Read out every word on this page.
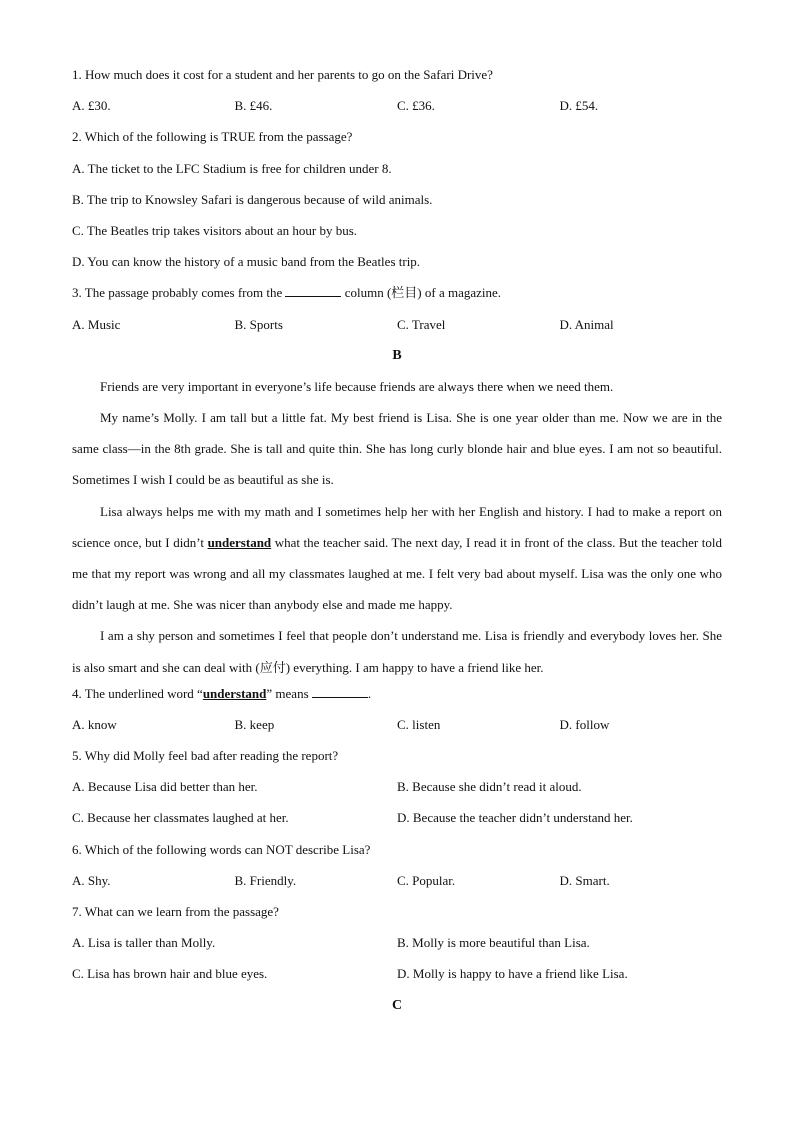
1. How much does it cost for a student and her parents to go on the Safari Drive?
A. £30.	B. £46.	C. £36.	D. £54.
2. Which of the following is TRUE from the passage?
A. The ticket to the LFC Stadium is free for children under 8.
B. The trip to Knowsley Safari is dangerous because of wild animals.
C. The Beatles trip takes visitors about an hour by bus.
D. You can know the history of a music band from the Beatles trip.
3. The passage probably comes from the	column (栏目) of a magazine.
A. Music	B. Sports	C. Travel	D. Animal
B

Friends are very important in everyone’s life because friends are always there when we need them.

My name’s Molly. I am tall but a little fat. My best friend is Lisa. She is one year older than me. Now we are in the same class—in the 8th grade. She is tall and quite thin. She has long curly blonde hair and blue eyes. I am not so beautiful. Sometimes I wish I could be as beautiful as she is.

Lisa always helps me with my math and I sometimes help her with her English and history. I had to make a report on science once, but I didn’t understand what the teacher said. The next day, I read it in front of the class. But the teacher told me that my report was wrong and all my classmates laughed at me. I felt very bad about myself. Lisa was the only one who didn’t laugh at me. She was nicer than anybody else and made me happy.

I am a shy person and sometimes I feel that people don’t understand me. Lisa is friendly and everybody loves her. She is also smart and she can deal with (应付) everything. I am happy to have a friend like her.

4. The underlined word “understand” means	.
A. know	B. keep	C. listen	D. follow
5. Why did Molly feel bad after reading the report?
A. Because Lisa did better than her.	B. Because she didn’t read it aloud.
C. Because her classmates laughed at her.	D. Because the teacher didn’t understand her.
6. Which of the following words can NOT describe Lisa?
A. Shy.	B. Friendly.	C. Popular.	D. Smart.
7. What can we learn from the passage?
A. Lisa is taller than Molly.	B. Molly is more beautiful than Lisa.
C. Lisa has brown hair and blue eyes.	D. Molly is happy to have a friend like Lisa.
C
